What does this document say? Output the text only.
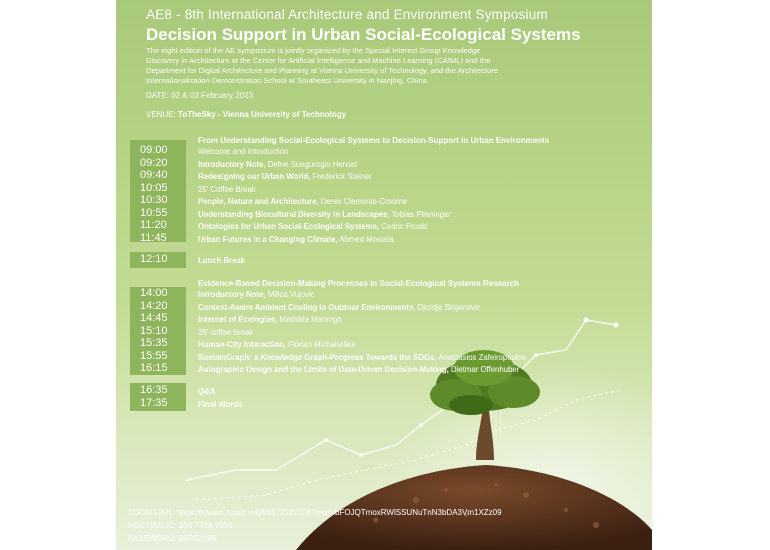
AE8 - 8th International Architecture and Environment Symposium
Decision Support in Urban Social-Ecological Systems
The eight edition of the AE symposium is jointly organized by the Special Interest Group Knowledge
Discovery in Architecture at the Center for Artificial Intelligence and Machine Learning (CAIML) and the
Department for Digital Architecture and Planning at Vienna University of Technology, and the Architecture
Internationalization Demonstration School at Southeast University in Nanjing, China.
DATE: 02 & 03 February 2023
VENUE: ToTheSky - Vienna University of Technology
From Understanding Social-Ecological Systems to Decision-Support in Urban Environments
09:00	Welcome and Introduction
09:20	Introductory Note, Defne Sunguroglu Hensel
09:40	Redesigning our Urban World, Frederick Steiner
10:05	25' Coffee Break
10:30	People, Nature and Architecture, Derek Clements-Croome
10:55	Understanding Biocultural Diversity in Landscapes, Tobias Plieninger
11:20	Ontologies for Urban Social-Ecological Systems, Cedric Pruski
11:45	Urban Futures in a Changing Climate, Ahmed Mostafa
12:10	Lunch Break
Evidence-Based Decision-Making Processes in Social-Ecological Systems Research
14:00	Introductory Note, Milica Vujovic
14:20	Context-Aware Ambient Cooling in Outdoor Environments, Djordje Stojanovic
14:45	Internet of Ecologies, Mathilde Marengo
15:10	25' coffee break
15:35	Human-City Interaction, Florian Michahelles
15:55	SustainGraph: a Knowledge Graph-Progress Towards the SDGs, Anastasios Zafeiropoulos
16:15	Autographic Design and the Limits of Data-Driven Decision-Making, Dietmar Offenhuber
16:35	Q&A
17:35	Final Words
ZOOM LINK: https://tuwien.zoom.us/j/95672187556?pwd=bFOJQTmoxRWlSSUNuTnN3bDA3Vm1XZz09
MEETING ID: 956 7218 7556
PASSWORD: 86R6Z19B
